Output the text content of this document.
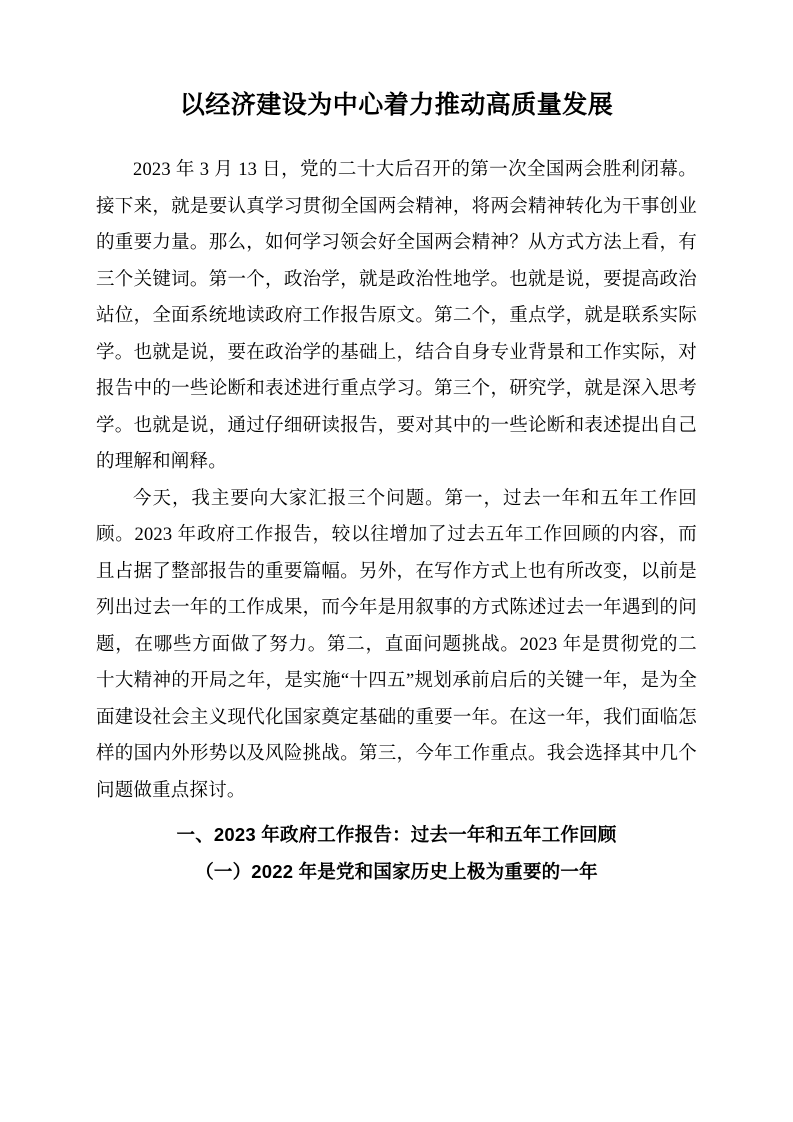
以经济建设为中心着力推动高质量发展

2023 年 3 月 13 日，党的二十大后召开的第一次全国两会胜利闭幕。接下来，就是要认真学习贯彻全国两会精神，将两会精神转化为干事创业的重要力量。那么，如何学习领会好全国两会精神？从方式方法上看，有三个关键词。第一个，政治学，就是政治性地学。也就是说，要提高政治站位，全面系统地读政府工作报告原文。第二个，重点学，就是联系实际学。也就是说，要在政治学的基础上，结合自身专业背景和工作实际，对报告中的一些论断和表述进行重点学习。第三个，研究学，就是深入思考学。也就是说，通过仔细研读报告，要对其中的一些论断和表述提出自己的理解和阐释。

今天，我主要向大家汇报三个问题。第一，过去一年和五年工作回顾。2023 年政府工作报告，较以往增加了过去五年工作回顾的内容，而且占据了整部报告的重要篇幅。另外，在写作方式上也有所改变，以前是列出过去一年的工作成果，而今年是用叙事的方式陈述过去一年遇到的问题，在哪些方面做了努力。第二，直面问题挑战。2023 年是贯彻党的二十大精神的开局之年，是实施“十四五”规划承前启后的关键一年，是为全面建设社会主义现代化国家奠定基础的重要一年。在这一年，我们面临怎样的国内外形势以及风险挑战。第三，今年工作重点。我会选择其中几个问题做重点探讨。

一、2023 年政府工作报告：过去一年和五年工作回顾

（一）2022 年是党和国家历史上极为重要的一年
